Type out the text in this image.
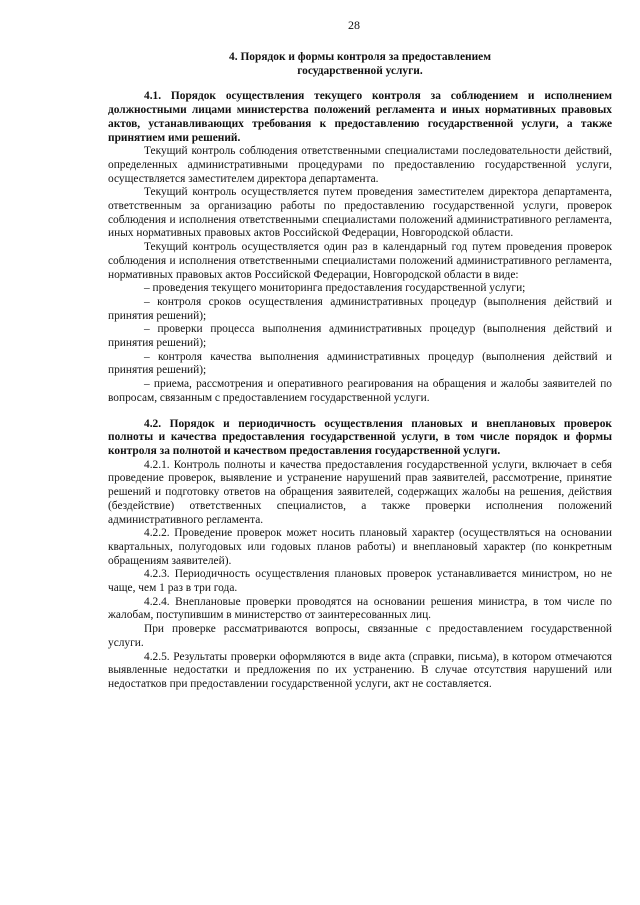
28
4. Порядок и формы контроля за предоставлением
государственной услуги.

4.1. Порядок осуществления текущего контроля за соблюдением и исполнением должностными лицами министерства положений регламента и иных нормативных правовых актов, устанавливающих требования к предоставлению государственной услуги, а также принятием ими решений.

Текущий контроль соблюдения ответственными специалистами последовательности действий, определенных административными процедурами по предоставлению государственной услуги, осуществляется заместителем директора департамента.

Текущий контроль осуществляется путем проведения заместителем директора департамента, ответственным за организацию работы по предоставлению государственной услуги, проверок соблюдения и исполнения ответственными специалистами положений административного регламента, иных нормативных правовых актов Российской Федерации, Новгородской области.

Текущий контроль осуществляется один раз в календарный год путем проведения проверок соблюдения и исполнения ответственными специалистами положений административного регламента, нормативных правовых актов Российской Федерации, Новгородской области в виде:

– проведения текущего мониторинга предоставления государственной услуги;

– контроля сроков осуществления административных процедур (выполнения действий и принятия решений);

– проверки процесса выполнения административных процедур (выполнения действий и принятия решений);

– контроля качества выполнения административных процедур (выполнения действий и принятия решений);

– приема, рассмотрения и оперативного реагирования на обращения и жалобы заявителей по вопросам, связанным с предоставлением государственной услуги.

4.2. Порядок и периодичность осуществления плановых и внеплановых проверок полноты и качества предоставления государственной услуги, в том числе порядок и формы контроля за полнотой и качеством предоставления государственной услуги.

4.2.1. Контроль полноты и качества предоставления государственной услуги, включает в себя проведение проверок, выявление и устранение нарушений прав заявителей, рассмотрение, принятие решений и подготовку ответов на обращения заявителей, содержащих жалобы на решения, действия (бездействие) ответственных специалистов, а также проверки исполнения положений административного регламента.

4.2.2. Проведение проверок может носить плановый характер (осуществляться на основании квартальных, полугодовых или годовых планов работы) и внеплановый характер (по конкретным обращениям заявителей).

4.2.3. Периодичность осуществления плановых проверок устанавливается министром, но не чаще, чем 1 раз в три года.

4.2.4. Внеплановые проверки проводятся на основании решения министра, в том числе по жалобам, поступившим в министерство от заинтересованных лиц.

При проверке рассматриваются вопросы, связанные с предоставлением государственной услуги.

4.2.5. Результаты проверки оформляются в виде акта (справки, письма), в котором отмечаются выявленные недостатки и предложения по их устранению. В случае отсутствия нарушений или недостатков при предоставлении государственной услуги, акт не составляется.
